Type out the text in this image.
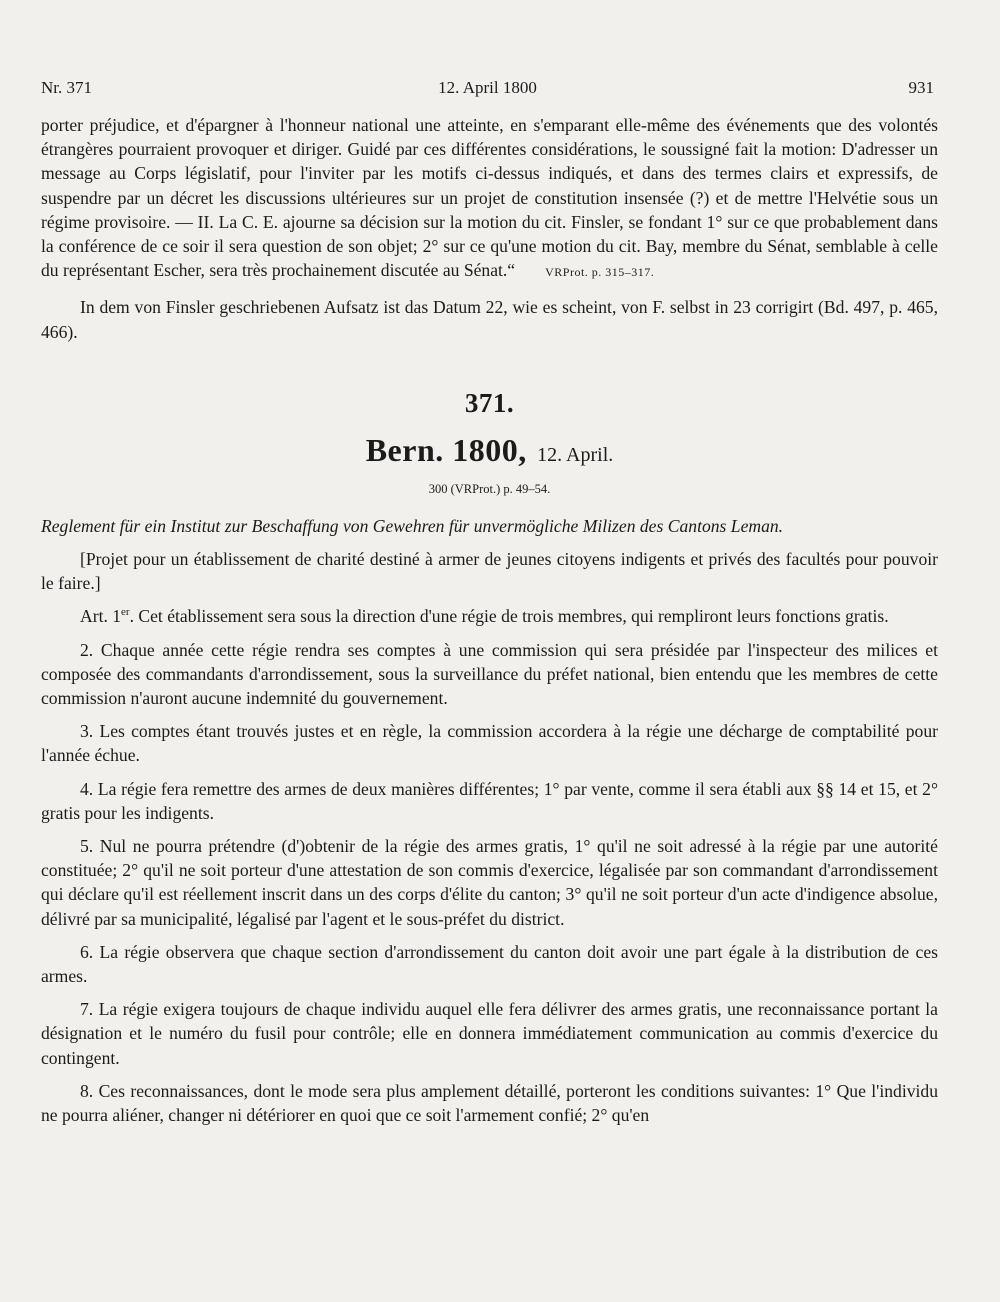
Nr. 371	12. April 1800	931

porter préjudice, et d'épargner à l'honneur national une atteinte, en s'emparant elle-même des événements que des volontés étrangères pourraient provoquer et diriger. Guidé par ces différentes considérations, le soussigné fait la motion: D'adresser un message au Corps législatif, pour l'inviter par les motifs ci-dessus indiqués, et dans des termes clairs et expressifs, de suspendre par un décret les discussions ultérieures sur un projet de constitution insensée (?) et de mettre l'Helvétie sous un régime provisoire. — II. La C. E. ajourne sa décision sur la motion du cit. Finsler, se fondant 1° sur ce que probablement dans la conférence de ce soir il sera question de son objet; 2° sur ce qu'une motion du cit. Bay, membre du Sénat, semblable à celle du représentant Escher, sera très prochainement discutée au Sénat.“	VRProt. p. 315–317.

In dem von Finsler geschriebenen Aufsatz ist das Datum 22, wie es scheint, von F. selbst in 23 corrigirt (Bd. 497, p. 465, 466).

371.
Bern. 1800, 12. April.
300 (VRProt.) p. 49–54.

Reglement für ein Institut zur Beschaffung von Gewehren für unvermögliche Milizen des Cantons Leman.

[Projet pour un établissement de charité destiné à armer de jeunes citoyens indigents et privés des facultés pour pouvoir le faire.]

Art. 1er. Cet établissement sera sous la direction d'une régie de trois membres, qui rempliront leurs fonctions gratis.

2. Chaque année cette régie rendra ses comptes à une commission qui sera présidée par l'inspecteur des milices et composée des commandants d'arrondissement, sous la surveillance du préfet national, bien entendu que les membres de cette commission n'auront aucune indemnité du gouvernement.

3. Les comptes étant trouvés justes et en règle, la commission accordera à la régie une décharge de comptabilité pour l'année échue.

4. La régie fera remettre des armes de deux manières différentes; 1° par vente, comme il sera établi aux §§ 14 et 15, et 2° gratis pour les indigents.

5. Nul ne pourra prétendre (d')obtenir de la régie des armes gratis, 1° qu'il ne soit adressé à la régie par une autorité constituée; 2° qu'il ne soit porteur d'une attestation de son commis d'exercice, légalisée par son commandant d'arrondissement qui déclare qu'il est réellement inscrit dans un des corps d'élite du canton; 3° qu'il ne soit porteur d'un acte d'indigence absolue, délivré par sa municipalité, légalisé par l'agent et le sous-préfet du district.

6. La régie observera que chaque section d'arrondissement du canton doit avoir une part égale à la distribution de ces armes.

7. La régie exigera toujours de chaque individu auquel elle fera délivrer des armes gratis, une reconnaissance portant la désignation et le numéro du fusil pour contrôle; elle en donnera immédiatement communication au commis d'exercice du contingent.

8. Ces reconnaissances, dont le mode sera plus amplement détaillé, porteront les conditions suivantes: 1° Que l'individu ne pourra aliéner, changer ni détériorer en quoi que ce soit l'armement confié; 2° qu'en
